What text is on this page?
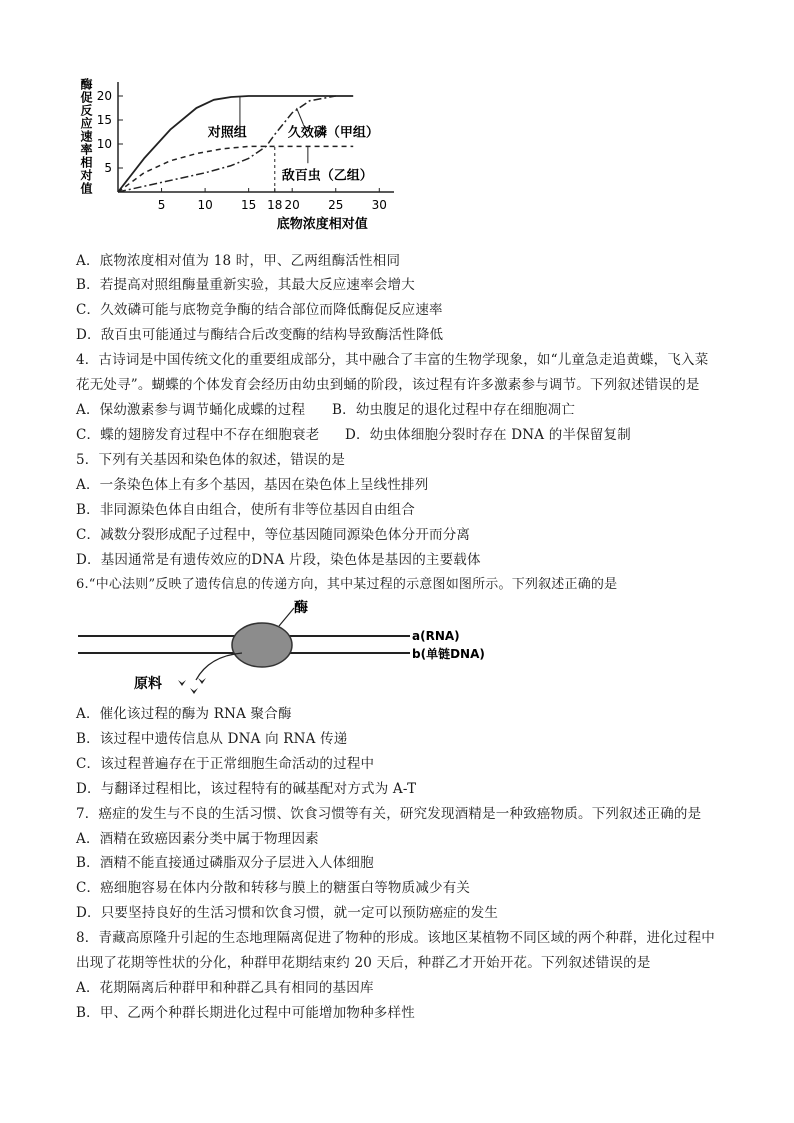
酶促反应速率相对值 5
10
15
20
5	10 15 18 20 25 30
底物浓度相对值
对照组	久效磷（甲组）
敌百虫（乙组）
A．底物浓度相对值为 18 时，甲、乙两组酶活性相同
B．若提高对照组酶量重新实验，其最大反应速率会增大
C．久效磷可能与底物竞争酶的结合部位而降低酶促反应速率
D．敌百虫可能通过与酶结合后改变酶的结构导致酶活性降低
4．古诗词是中国传统文化的重要组成部分，其中融合了丰富的生物学现象，如“儿童急走追黄蝶，飞入菜
花无处寻”。蝴蝶的个体发育会经历由幼虫到蛹的阶段，该过程有许多激素参与调节。下列叙述错误的是
A．保幼激素参与调节蛹化成蝶的过程 B．幼虫腹足的退化过程中存在细胞凋亡
C．蝶的翅膀发育过程中不存在细胞衰老 D．幼虫体细胞分裂时存在 DNA 的半保留复制
5．下列有关基因和染色体的叙述，错误的是
A．一条染色体上有多个基因，基因在染色体上呈线性排列
B．非同源染色体自由组合，使所有非等位基因自由组合
C．减数分裂形成配子过程中，等位基因随同源染色体分开而分离
D．基因通常是有遗传效应的DNA 片段，染色体是基因的主要载体
6.“中心法则”反映了遗传信息的传递方向，其中某过程的示意图如图所示。下列叙述正确的是
酶
a(RNA)
b(单链DNA)
原料
A．催化该过程的酶为 RNA 聚合酶
B．该过程中遗传信息从 DNA 向 RNA 传递
C．该过程普遍存在于正常细胞生命活动的过程中
D．与翻译过程相比，该过程特有的碱基配对方式为 A-T
7．癌症的发生与不良的生活习惯、饮食习惯等有关，研究发现酒精是一种致癌物质。下列叙述正确的是
A．酒精在致癌因素分类中属于物理因素
B．酒精不能直接通过磷脂双分子层进入人体细胞
C．癌细胞容易在体内分散和转移与膜上的糖蛋白等物质减少有关
D．只要坚持良好的生活习惯和饮食习惯，就一定可以预防癌症的发生
8．青藏高原隆升引起的生态地理隔离促进了物种的形成。该地区某植物不同区域的两个种群，进化过程中
出现了花期等性状的分化，种群甲花期结束约 20 天后，种群乙才开始开花。下列叙述错误的是
A．花期隔离后种群甲和种群乙具有相同的基因库
B．甲、乙两个种群长期进化过程中可能增加物种多样性
